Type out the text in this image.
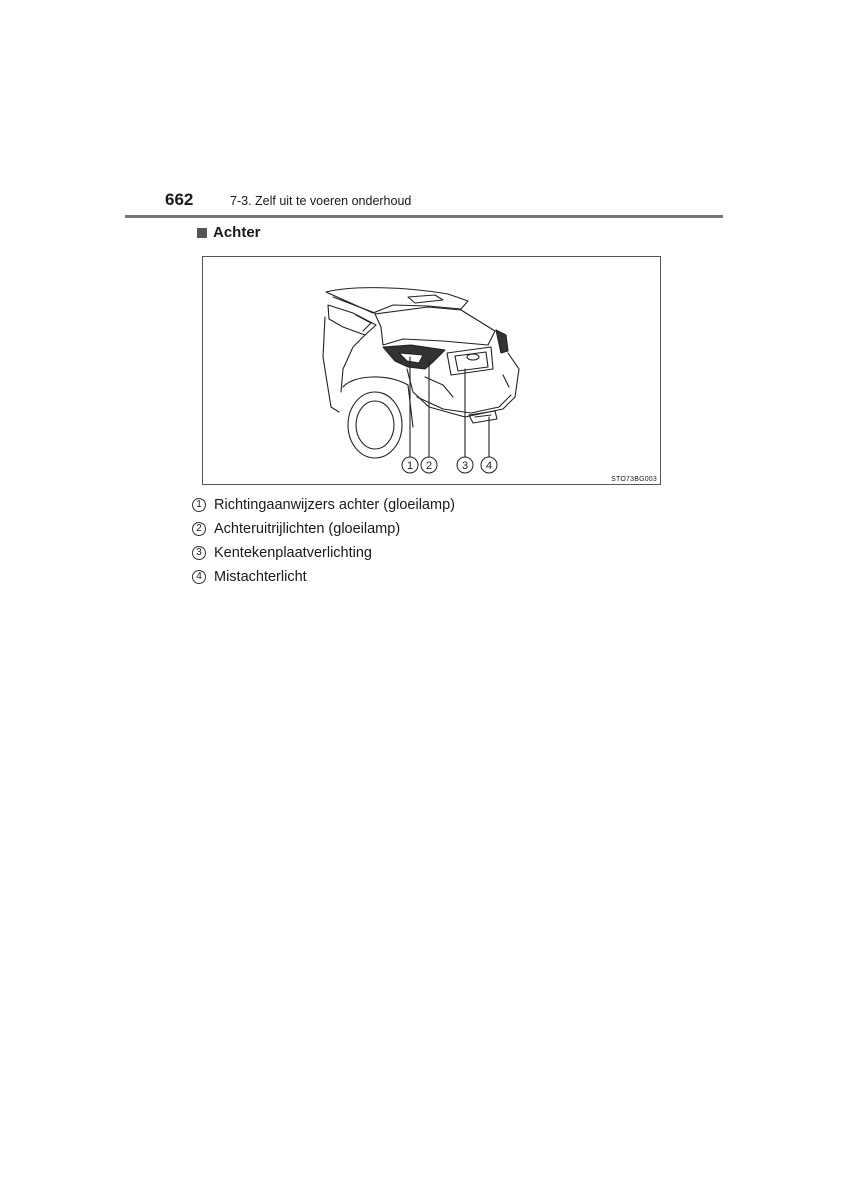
662	7-3. Zelf uit te voeren onderhoud
Achter
1 2	3 4
STO73BG003
1 Richtingaanwijzers achter (gloeilamp)
2 Achteruitrijlichten (gloeilamp)
3 Kentekenplaatverlichting
4 Mistachterlicht
